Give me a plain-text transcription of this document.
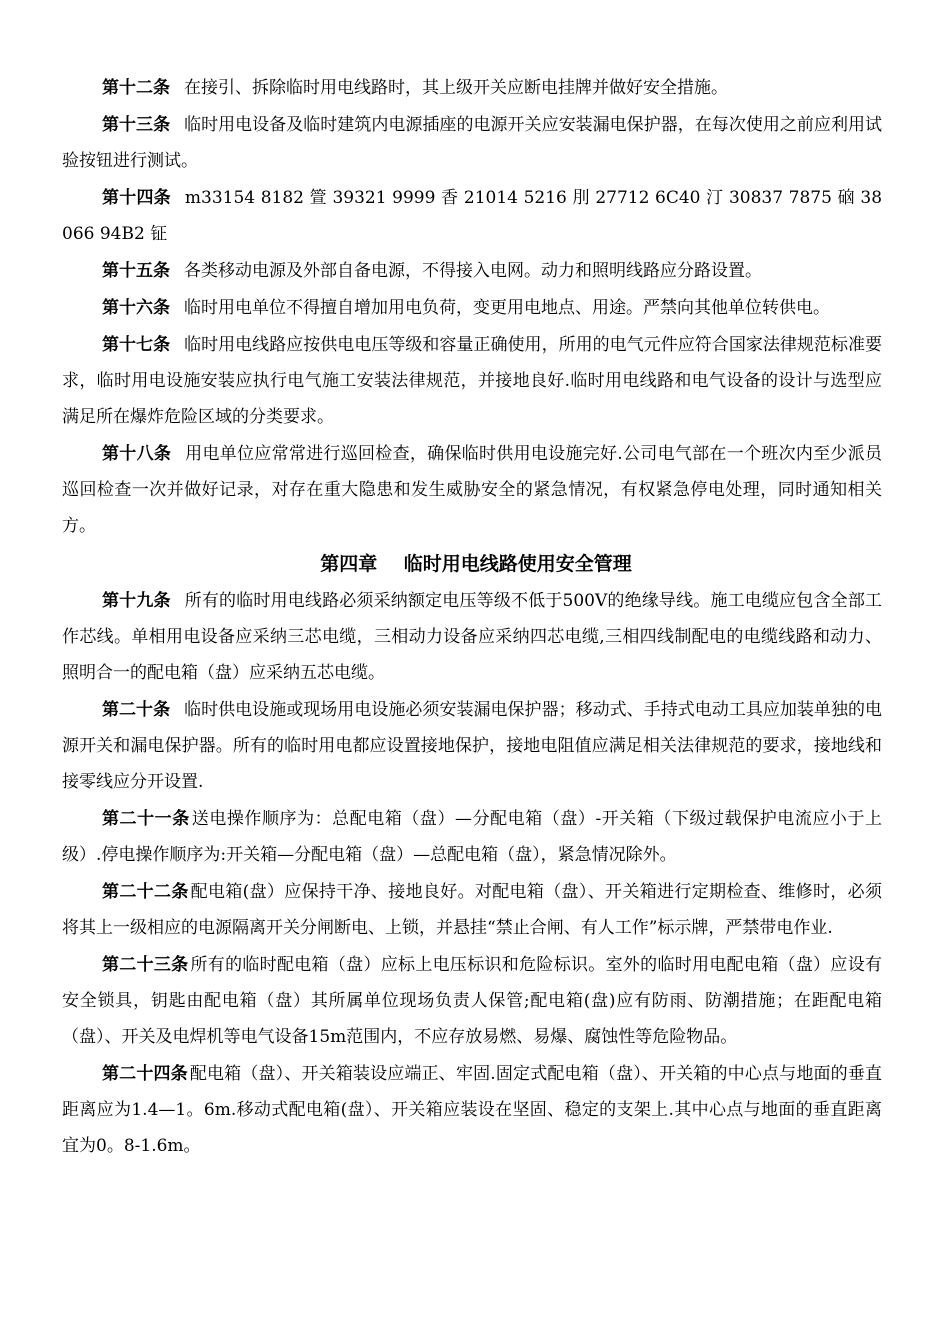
第十二条 在接引、拆除临时用电线路时，其上级开关应断电挂牌并做好安全措施。

第十三条 临时用电设备及临时建筑内电源插座的电源开关应安装漏电保护器，在每次使用之前应利用试验按钮进行测试。

第十四条 m33154 8182 箮 39321 9999 香 21014 5216 刖 27712 6C40 汀 30837 7875 硇 38066 94B2 钲

第十五条 各类移动电源及外部自备电源，不得接入电网。动力和照明线路应分路设置。

第十六条 临时用电单位不得擅自增加用电负荷，变更用电地点、用途。严禁向其他单位转供电。

第十七条 临时用电线路应按供电电压等级和容量正确使用，所用的电气元件应符合国家法律规范标准要求，临时用电设施安装应执行电气施工安装法律规范，并接地良好.临时用电线路和电气设备的设计与选型应满足所在爆炸危险区域的分类要求。

第十八条 用电单位应常常进行巡回检查，确保临时供用电设施完好.公司电气部在一个班次内至少派员巡回检查一次并做好记录，对存在重大隐患和发生威胁安全的紧急情况，有权紧急停电处理，同时通知相关方。

第四章 临时用电线路使用安全管理

第十九条 所有的临时用电线路必须采纳额定电压等级不低于500V的绝缘导线。施工电缆应包含全部工作芯线。单相用电设备应采纳三芯电缆，三相动力设备应采纳四芯电缆,三相四线制配电的电缆线路和动力、照明合一的配电箱（盘）应采纳五芯电缆。

第二十条 临时供电设施或现场用电设施必须安装漏电保护器；移动式、手持式电动工具应加装单独的电源开关和漏电保护器。所有的临时用电都应设置接地保护，接地电阻值应满足相关法律规范的要求，接地线和接零线应分开设置.

第二十一条 送电操作顺序为：总配电箱（盘）—分配电箱（盘）-开关箱（下级过载保护电流应小于上级）.停电操作顺序为:开关箱—分配电箱（盘）—总配电箱（盘），紧急情况除外。

第二十二条 配电箱(盘）应保持干净、接地良好。对配电箱（盘）、开关箱进行定期检查、维修时，必须将其上一级相应的电源隔离开关分闸断电、上锁，并悬挂“禁止合闸、有人工作”标示牌，严禁带电作业.

第二十三条 所有的临时配电箱（盘）应标上电压标识和危险标识。室外的临时用电配电箱（盘）应设有安全锁具，钥匙由配电箱（盘）其所属单位现场负责人保管;配电箱(盘)应有防雨、防潮措施；在距配电箱（盘）、开关及电焊机等电气设备15m范围内，不应存放易燃、易爆、腐蚀性等危险物品。

第二十四条 配电箱（盘）、开关箱装设应端正、牢固.固定式配电箱（盘）、开关箱的中心点与地面的垂直距离应为1.4—1。6m.移动式配电箱(盘）、开关箱应装设在坚固、稳定的支架上.其中心点与地面的垂直距离宜为0。8-1.6m。
